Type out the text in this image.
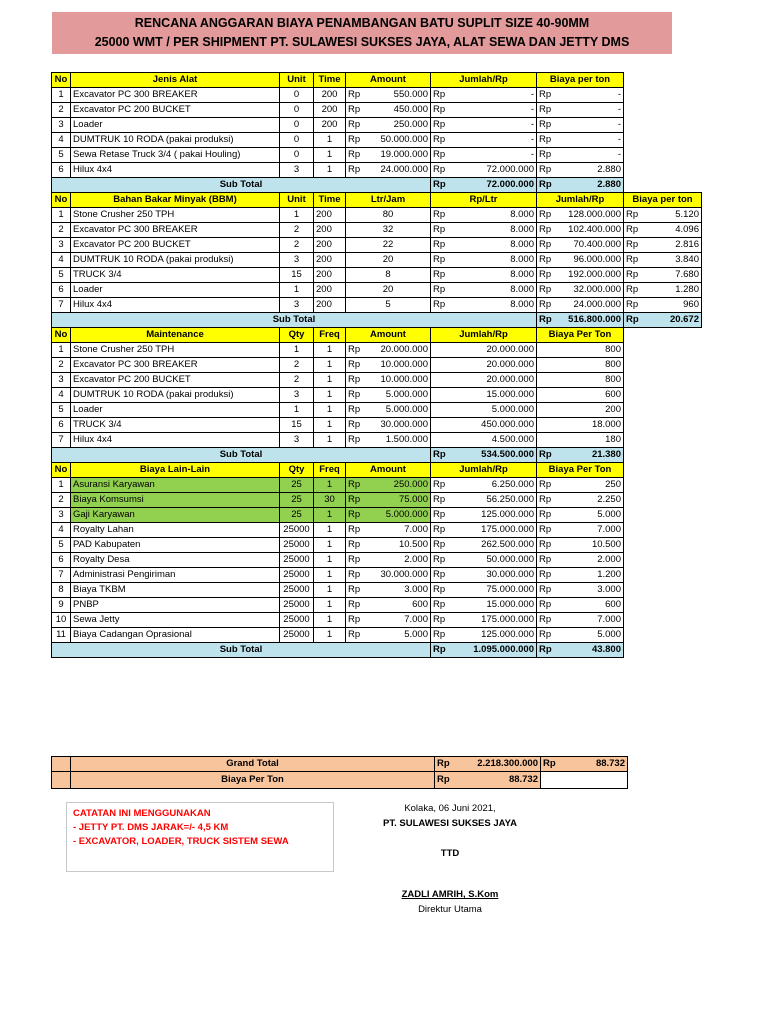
RENCANA ANGGARAN BIAYA PENAMBANGAN BATU SUPLIT SIZE 40-90MM
25000 WMT / PER SHIPMENT PT. SULAWESI SUKSES JAYA, ALAT SEWA DAN JETTY DMS
No	Jenis Alat	Unit	Time	Amount	Jumlah/Rp	Biaya per ton	
1	Excavator PC 300 BREAKER	0	200	Rp 550.000	Rp -	Rp -	

2	Excavator PC 200 BUCKET	0	200	Rp 450.000	Rp -	Rp -	

3	Loader	0	200	Rp 250.000	Rp -	Rp -	

4	DUMTRUK 10 RODA (pakai produksi)	0	1	Rp 50.000.000	Rp -	Rp -	

5	Sewa Retase Truck 3/4 ( pakai Houling)	0	1	Rp 19.000.000	Rp -	Rp -	

6	Hilux 4x4	3	1	Rp 24.000.000	Rp 72.000.000	Rp 2.880	

Sub Total					Rp 72.000.000	Rp 2.880	

No	Bahan Bakar Minyak (BBM)	Unit	Time	Ltr/Jam	Rp/Ltr	Jumlah/Rp	Biaya per ton
1	Stone Crusher 250 TPH	1	200	80	Rp 8.000	Rp 128.000.000	Rp 5.120

2	Excavator PC 300 BREAKER	2	200	32	Rp 8.000	Rp 102.400.000	Rp 4.096

3	Excavator PC 200 BUCKET	2	200	22	Rp 8.000	Rp 70.400.000	Rp 2.816

4	DUMTRUK 10 RODA (pakai produksi)	3	200	20	Rp 8.000	Rp 96.000.000	Rp 3.840

5	TRUCK 3/4	15	200	8	Rp 8.000	Rp 192.000.000	Rp 7.680

6	Loader	1	200	20	Rp 8.000	Rp 32.000.000	Rp 1.280

7	Hilux 4x4	3	200	5	Rp 8.000	Rp 24.000.000	Rp 960

Sub Total						Rp 516.800.000	Rp 20.672

No	Maintenance	Qty	Freq	Amount	Jumlah/Rp	Biaya Per Ton	
1	Stone Crusher 250 TPH	1	1	Rp 20.000.000	20.000.000	800	
2	Excavator PC 300 BREAKER	2	1	Rp 10.000.000	20.000.000	800	
3	Excavator PC 200 BUCKET	2	1	Rp 10.000.000	20.000.000	800	
4	DUMTRUK 10 RODA (pakai produksi)	3	1	Rp 5.000.000	15.000.000	600	
5	Loader	1	1	Rp 5.000.000	5.000.000	200	
6	TRUCK 3/4	15	1	Rp 30.000.000	450.000.000	18.000	
7	Hilux 4x4	3	1	Rp 1.500.000	4.500.000	180	
Sub Total					Rp 534.500.000	Rp 21.380	

No	Biaya Lain-Lain	Qty	Freq	Amount	Jumlah/Rp	Biaya Per Ton	
1	Asuransi Karyawan	25	1	Rp 250.000	Rp 6.250.000	Rp 250	

2	Biaya Komsumsi	25	30	Rp 75.000	Rp 56.250.000	Rp 2.250	

3	Gaji Karyawan	25	1	Rp 5.000.000	Rp 125.000.000	Rp 5.000	

4	Royalty Lahan	25000	1	Rp 7.000	Rp 175.000.000	Rp 7.000	

5	PAD Kabupaten	25000	1	Rp 10.500	Rp 262.500.000	Rp 10.500	

6	Royalty Desa	25000	1	Rp 2.000	Rp 50.000.000	Rp 2.000	

7	Administrasi Pengiriman	25000	1	Rp 30.000.000	Rp 30.000.000	Rp 1.200	

8	Biaya TKBM	25000	1	Rp 3.000	Rp 75.000.000	Rp 3.000	

9	PNBP	25000	1	Rp 600	Rp 15.000.000	Rp 600	

10	Sewa Jetty	25000	1	Rp 7.000	Rp 175.000.000	Rp 7.000	

11	Biaya Cadangan Oprasional	25000	1	Rp 5.000	Rp 125.000.000	Rp 5.000	

Sub Total					Rp 1.095.000.000	Rp 43.800	

	Grand Total	Rp 2.218.300.000	Rp 88.732

	Biaya Per Ton	Rp 88.732	

CATATAN INI MENGGUNAKAN
- JETTY PT. DMS JARAK=/- 4,5 KM
- EXCAVATOR, LOADER, TRUCK SISTEM SEWA
Kolaka, 06 Juni 2021,
PT. SULAWESI SUKSES JAYA
TTD
ZADLI AMRIH, S.Kom
Direktur Utama
